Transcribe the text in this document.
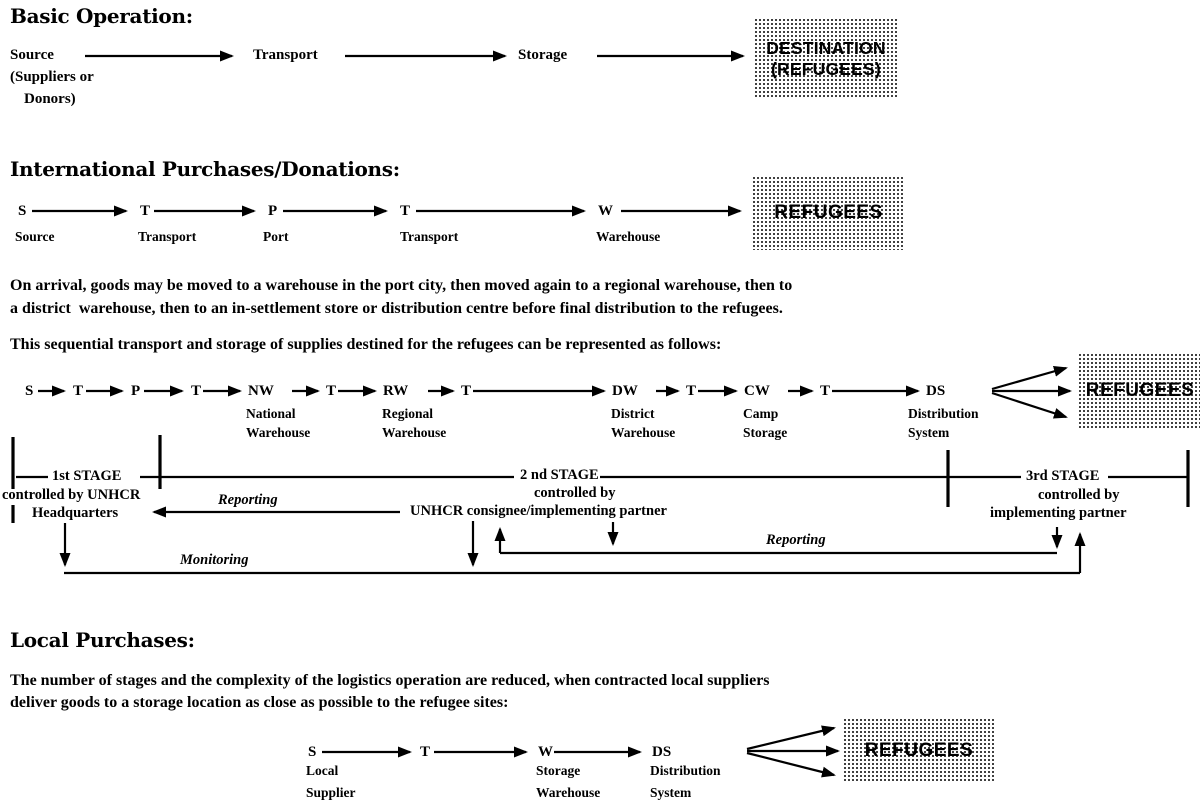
Basic Operation:
Source
(Suppliers or
Donors)
Transport	Storage	DESTINATION
(REFUGEES)
International Purchases/Donations:
S	T	P	T	W
Source	Transport	Port	Transport	Warehouse
REFUGEES
On arrival, goods may be moved to a warehouse in the port city, then moved again to a regional warehouse, then to
a district  warehouse, then to an in-settlement store or distribution centre before final distribution to the refugees.
This sequential transport and storage of supplies destined for the refugees can be represented as follows:
S	T	P	T	NW	T	RW	T	DW	T	CW	T	DS
National
Warehouse
Regional
Warehouse
District
Warehouse
Camp
Storage
Distribution
System
REFUGEES
1st STAGE
controlled by UNHCR
Headquarters
2 nd STAGE
controlled by
UNHCR consignee/implementing partner
3rd STAGE
controlled by
implementing partner
Reporting
Reporting
Monitoring
Local Purchases:
The number of stages and the complexity of the logistics operation are reduced, when contracted local suppliers
deliver goods to a storage location as close as possible to the refugee sites:
S	T	W	DS
Local
Supplier
Storage
Warehouse
Distribution
System
REFUGEES
